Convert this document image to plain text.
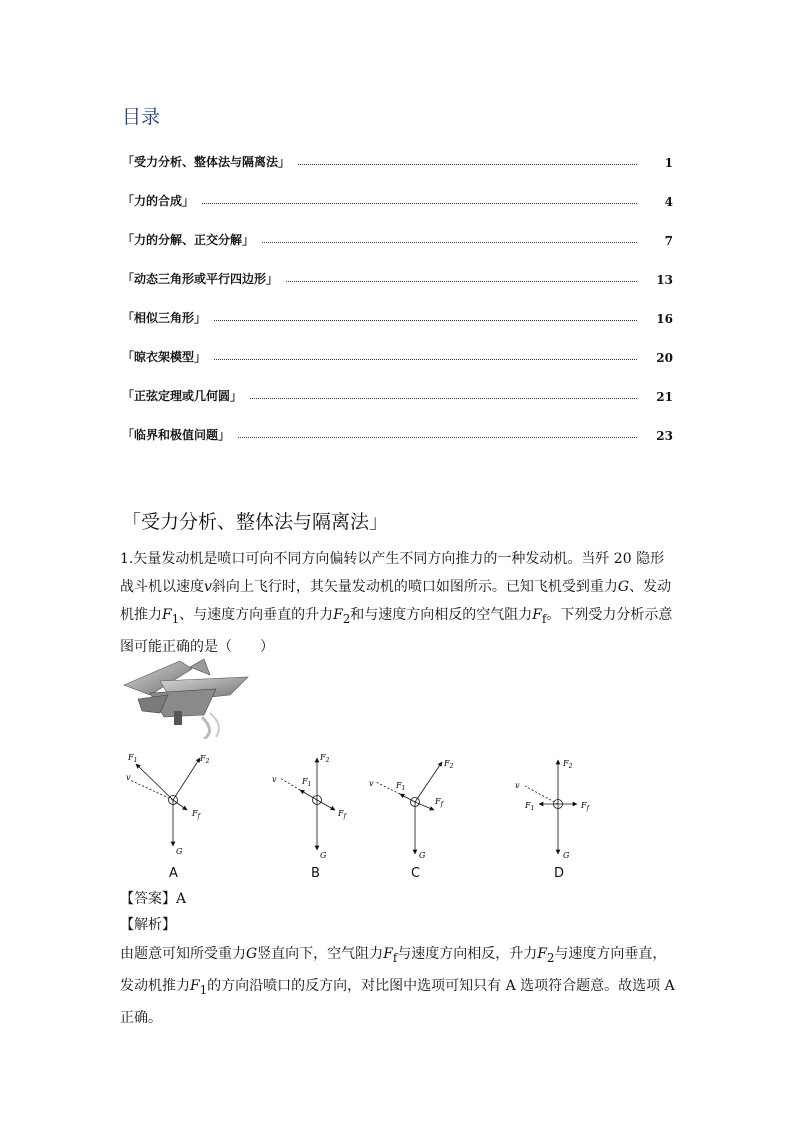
目录
「受力分析、整体法与隔离法」	1
「力的合成」	4
「力的分解、正交分解」	7
「动态三角形或平行四边形」	13
「相似三角形」	16
「晾衣架模型」	20
「正弦定理或几何圆」	21
「临界和极值问题」	23
「受力分析、整体法与隔离法」

1.矢量发动机是喷口可向不同方向偏转以产生不同方向推力的一种发动机。当歼 20 隐形战斗机以速度v斜向上飞行时，其矢量发动机的喷口如图所示。已知飞机受到重力G、发动机推力$F_1$、与速度方向垂直的升力$F_2$和与速度方向相反的空气阻力$F_f$。下列受力分析示意图可能正确的是（　　）

$F_1$	$F_2$
v
$F_f$
G
A
$F_2$
$F_1$
v
$F_f$
G
B
$F_2$
$F_1$
v
$F_f$
G
C
$F_2$
$F_1$	$F_f$
v
G
D

【答案】A

【解析】

由题意可知所受重力G竖直向下，空气阻力$F_f$与速度方向相反，升力$F_2$与速度方向垂直，发动机推力$F_1$的方向沿喷口的反方向，对比图中选项可知只有 A 选项符合题意。故选项 A 正确。
